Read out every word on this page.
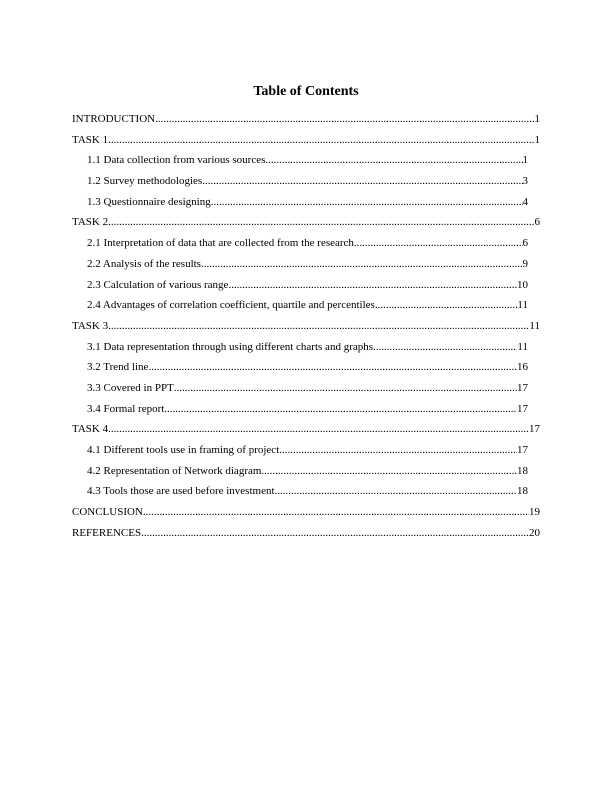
Table of Contents
INTRODUCTION .....	1
TASK 1 .....	1
1.1 Data collection from various sources .....	1
1.2 Survey methodologies .....	3
1.3 Questionnaire designing .....	4
TASK 2 .....	6
2.1 Interpretation of data that are collected from the research .....	6
2.2 Analysis of the results .....	9
2.3 Calculation of various range .....	10
2.4 Advantages of correlation coefficient, quartile and percentiles .....	11
TASK 3 .....	11
3.1 Data representation through using different charts and graphs .....	11
3.2 Trend line .....	16
3.3 Covered in PPT .....	17
3.4 Formal report .....	17
TASK 4 .....	17
4.1 Different tools use in framing of project .....	17
4.2 Representation of Network diagram .....	18
4.3 Tools those are used before investment .....	18
CONCLUSION .....	19
REFERENCES .....	20
